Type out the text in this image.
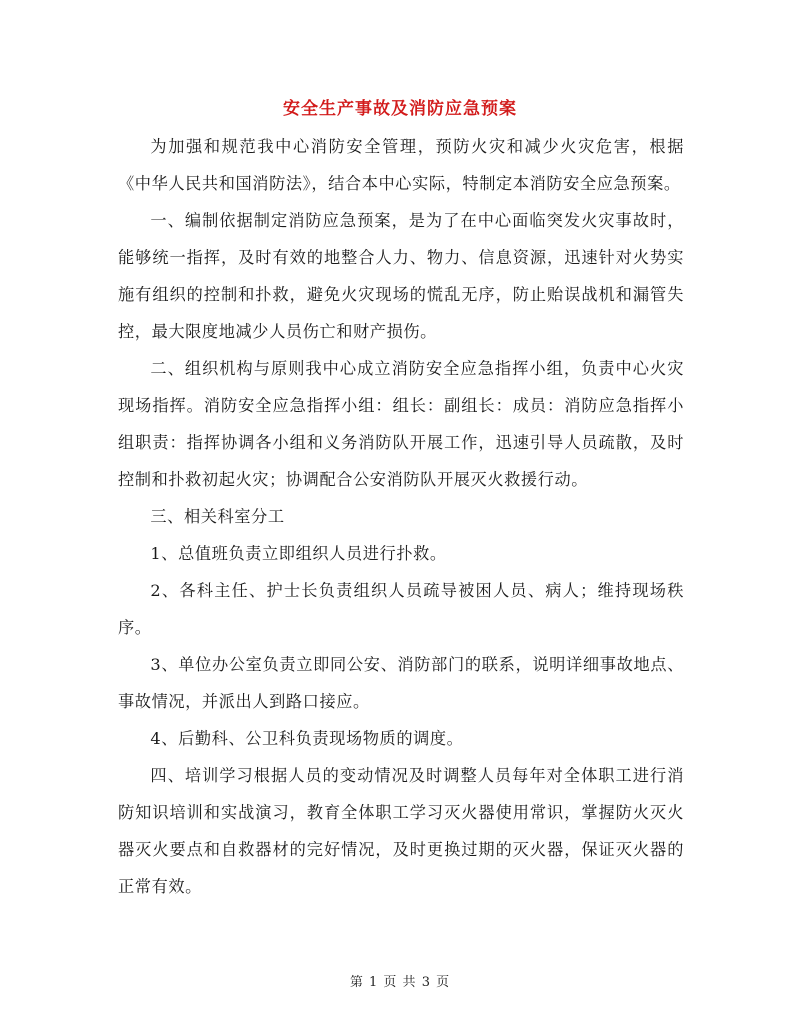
安全生产事故及消防应急预案

为加强和规范我中心消防安全管理，预防火灾和减少火灾危害，根据《中华人民共和国消防法》，结合本中心实际，特制定本消防安全应急预案。

一、编制依据制定消防应急预案，是为了在中心面临突发火灾事故时，能够统一指挥，及时有效的地整合人力、物力、信息资源，迅速针对火势实施有组织的控制和扑救，避免火灾现场的慌乱无序，防止贻误战机和漏管失控，最大限度地减少人员伤亡和财产损伤。

二、组织机构与原则我中心成立消防安全应急指挥小组，负责中心火灾现场指挥。消防安全应急指挥小组：组长：副组长：成员：消防应急指挥小组职责：指挥协调各小组和义务消防队开展工作，迅速引导人员疏散，及时控制和扑救初起火灾；协调配合公安消防队开展灭火救援行动。

三、相关科室分工

1、总值班负责立即组织人员进行扑救。

2、各科主任、护士长负责组织人员疏导被困人员、病人；维持现场秩序。

3、单位办公室负责立即同公安、消防部门的联系，说明详细事故地点、事故情况，并派出人到路口接应。

4、后勤科、公卫科负责现场物质的调度。

四、培训学习根据人员的变动情况及时调整人员每年对全体职工进行消防知识培训和实战演习，教育全体职工学习灭火器使用常识，掌握防火灭火器灭火要点和自救器材的完好情况，及时更换过期的灭火器，保证灭火器的正常有效。

第 1 页 共 3 页
